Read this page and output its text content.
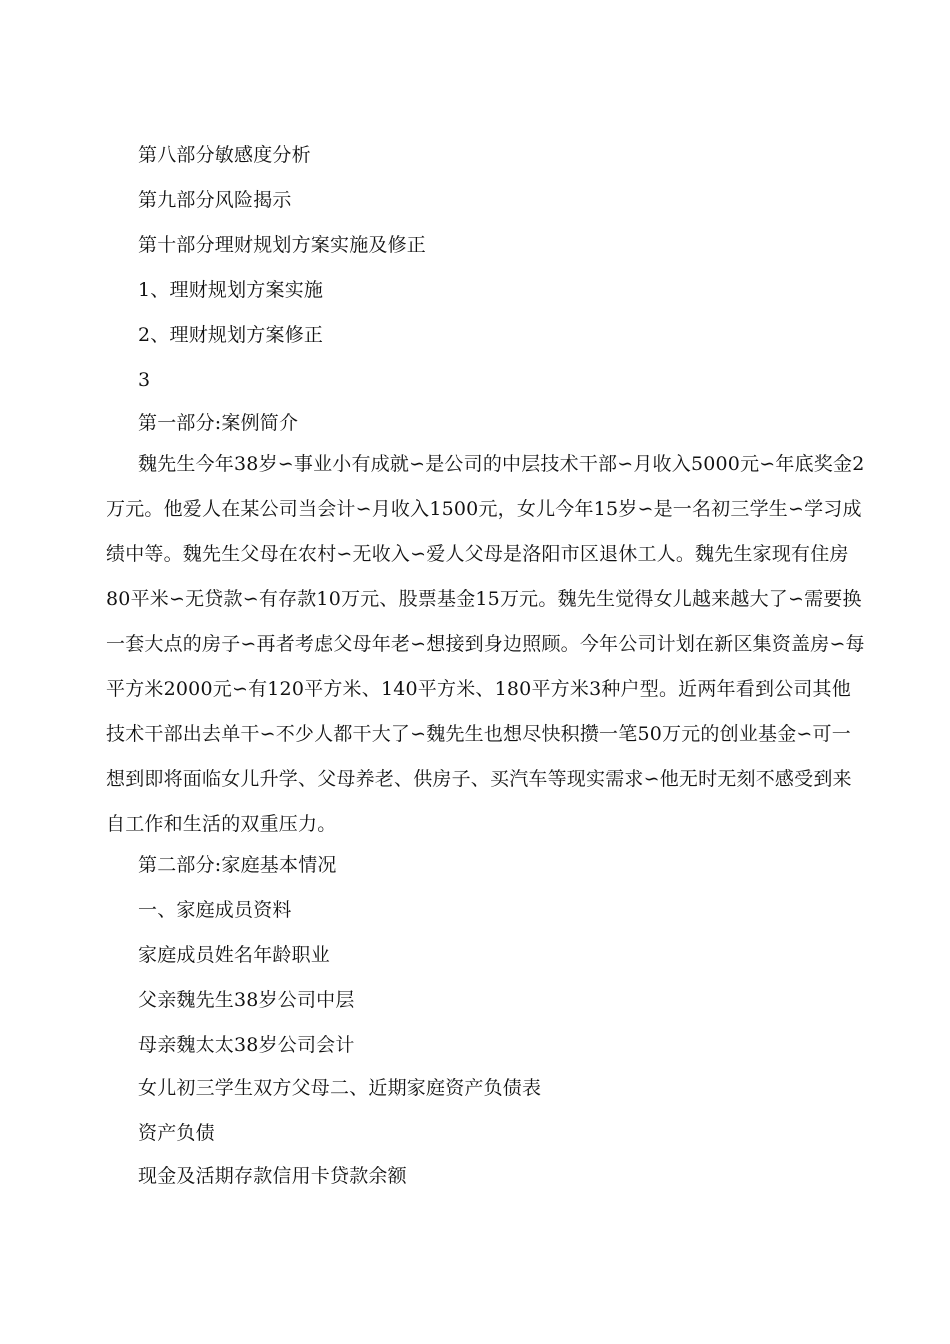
第八部分敏感度分析
第九部分风险揭示
第十部分理财规划方案实施及修正
1、理财规划方案实施
2、理财规划方案修正
3
第一部分:案例简介
魏先生今年38岁∽事业小有成就∽是公司的中层技术干部∽月收入5000元∽年底奖金2万元。他爱人在某公司当会计∽月收入1500元，女儿今年15岁∽是一名初三学生∽学习成绩中等。魏先生父母在农村∽无收入∽爱人父母是洛阳市区退休工人。魏先生家现有住房80平米∽无贷款∽有存款10万元、股票基金15万元。魏先生觉得女儿越来越大了∽需要换一套大点的房子∽再者考虑父母年老∽想接到身边照顾。今年公司计划在新区集资盖房∽每平方米2000元∽有120平方米、140平方米、180平方米3种户型。近两年看到公司其他技术干部出去单干∽不少人都干大了∽魏先生也想尽快积攒一笔50万元的创业基金∽可一想到即将面临女儿升学、父母养老、供房子、买汽车等现实需求∽他无时无刻不感受到来自工作和生活的双重压力。
第二部分:家庭基本情况
一、家庭成员资料
家庭成员姓名年龄职业
父亲魏先生38岁公司中层
母亲魏太太38岁公司会计
女儿初三学生双方父母二、近期家庭资产负债表
资产负债
现金及活期存款信用卡贷款余额
